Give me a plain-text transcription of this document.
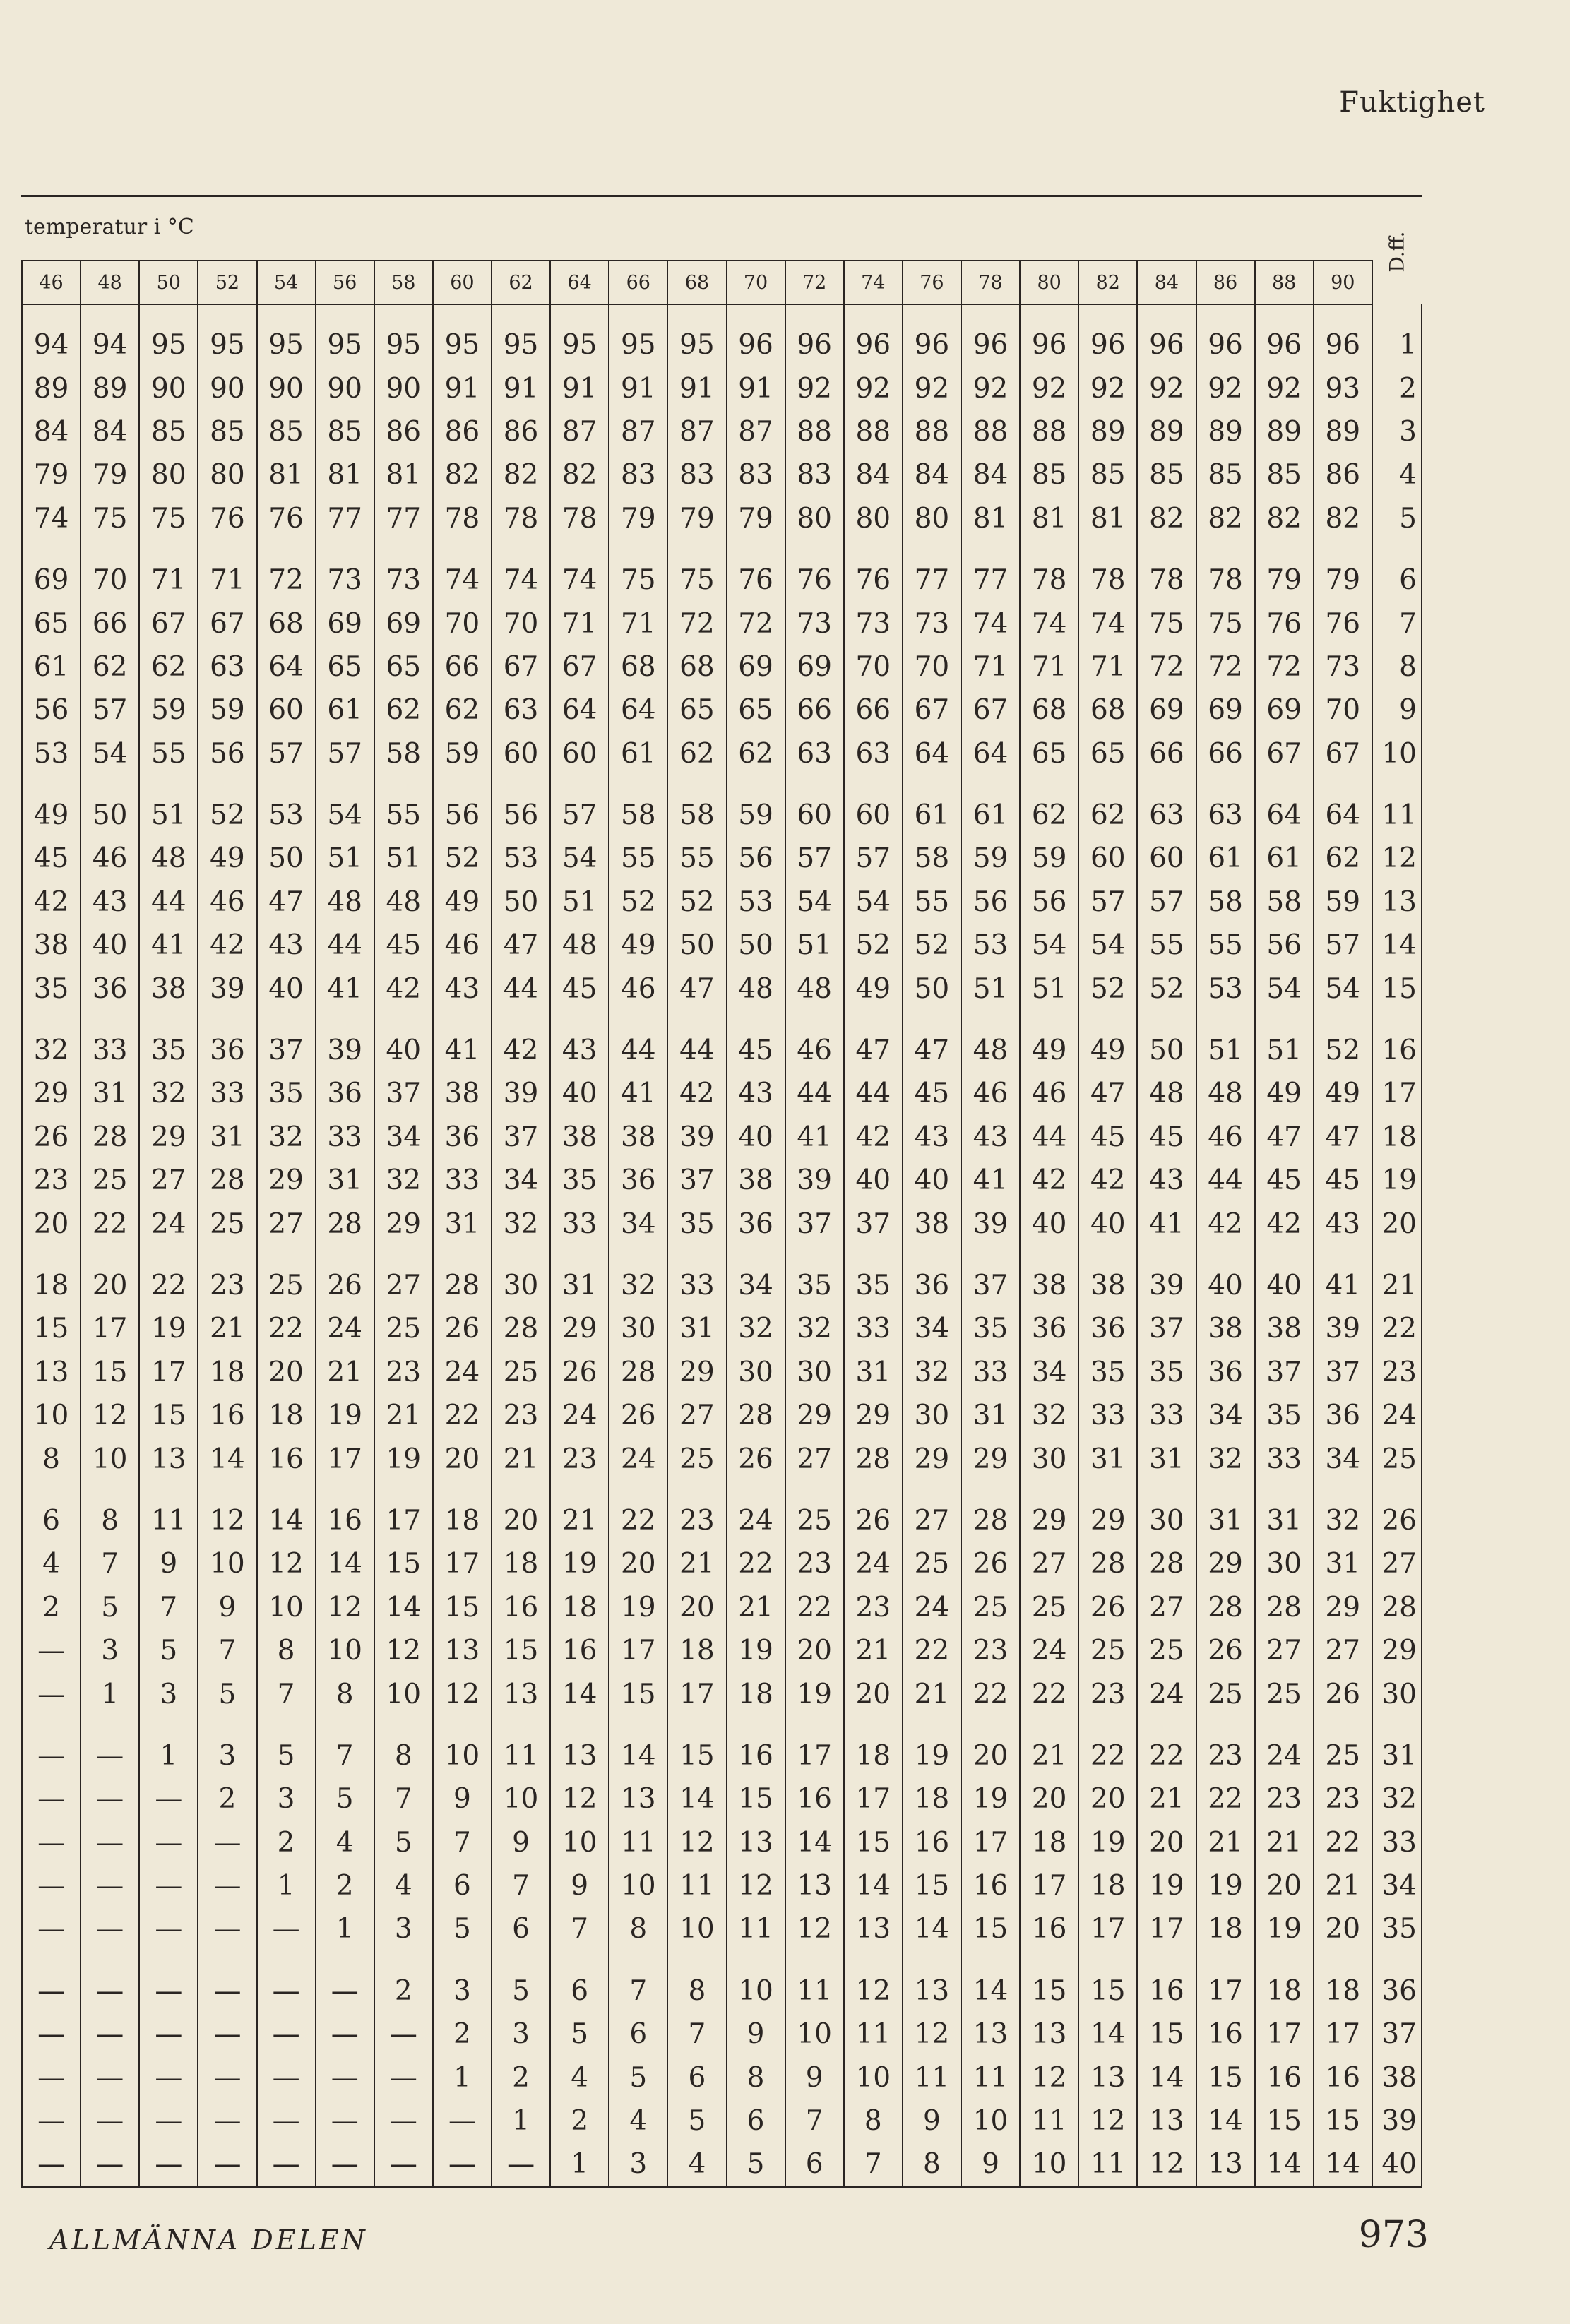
Fuktighet
temperatur i °C
D.ff.
46	48	50	52	54	56	58	60	62	64	66	68	70	72	74	76	78	80	82	84	86	88	90	
94	94	95	95	95	95	95	95	95	95	95	95	96	96	96	96	96	96	96	96	96	96	96	1
89	89	90	90	90	90	90	91	91	91	91	91	91	92	92	92	92	92	92	92	92	92	93	2
84	84	85	85	85	85	86	86	86	87	87	87	87	88	88	88	88	88	89	89	89	89	89	3
79	79	80	80	81	81	81	82	82	82	83	83	83	83	84	84	84	85	85	85	85	85	86	4
74	75	75	76	76	77	77	78	78	78	79	79	79	80	80	80	81	81	81	82	82	82	82	5
69	70	71	71	72	73	73	74	74	74	75	75	76	76	76	77	77	78	78	78	78	79	79	6
65	66	67	67	68	69	69	70	70	71	71	72	72	73	73	73	74	74	74	75	75	76	76	7
61	62	62	63	64	65	65	66	67	67	68	68	69	69	70	70	71	71	71	72	72	72	73	8
56	57	59	59	60	61	62	62	63	64	64	65	65	66	66	67	67	68	68	69	69	69	70	9
53	54	55	56	57	57	58	59	60	60	61	62	62	63	63	64	64	65	65	66	66	67	67	10
49	50	51	52	53	54	55	56	56	57	58	58	59	60	60	61	61	62	62	63	63	64	64	11
45	46	48	49	50	51	51	52	53	54	55	55	56	57	57	58	59	59	60	60	61	61	62	12
42	43	44	46	47	48	48	49	50	51	52	52	53	54	54	55	56	56	57	57	58	58	59	13
38	40	41	42	43	44	45	46	47	48	49	50	50	51	52	52	53	54	54	55	55	56	57	14
35	36	38	39	40	41	42	43	44	45	46	47	48	48	49	50	51	51	52	52	53	54	54	15
32	33	35	36	37	39	40	41	42	43	44	44	45	46	47	47	48	49	49	50	51	51	52	16
29	31	32	33	35	36	37	38	39	40	41	42	43	44	44	45	46	46	47	48	48	49	49	17
26	28	29	31	32	33	34	36	37	38	38	39	40	41	42	43	43	44	45	45	46	47	47	18
23	25	27	28	29	31	32	33	34	35	36	37	38	39	40	40	41	42	42	43	44	45	45	19
20	22	24	25	27	28	29	31	32	33	34	35	36	37	37	38	39	40	40	41	42	42	43	20
18	20	22	23	25	26	27	28	30	31	32	33	34	35	35	36	37	38	38	39	40	40	41	21
15	17	19	21	22	24	25	26	28	29	30	31	32	32	33	34	35	36	36	37	38	38	39	22
13	15	17	18	20	21	23	24	25	26	28	29	30	30	31	32	33	34	35	35	36	37	37	23
10	12	15	16	18	19	21	22	23	24	26	27	28	29	29	30	31	32	33	33	34	35	36	24
8	10	13	14	16	17	19	20	21	23	24	25	26	27	28	29	29	30	31	31	32	33	34	25
6	8	11	12	14	16	17	18	20	21	22	23	24	25	26	27	28	29	29	30	31	31	32	26
4	7	9	10	12	14	15	17	18	19	20	21	22	23	24	25	26	27	28	28	29	30	31	27
2	5	7	9	10	12	14	15	16	18	19	20	21	22	23	24	25	25	26	27	28	28	29	28
—	3	5	7	8	10	12	13	15	16	17	18	19	20	21	22	23	24	25	25	26	27	27	29
—	1	3	5	7	8	10	12	13	14	15	17	18	19	20	21	22	22	23	24	25	25	26	30
—	—	1	3	5	7	8	10	11	13	14	15	16	17	18	19	20	21	22	22	23	24	25	31
—	—	—	2	3	5	7	9	10	12	13	14	15	16	17	18	19	20	20	21	22	23	23	32
—	—	—	—	2	4	5	7	9	10	11	12	13	14	15	16	17	18	19	20	21	21	22	33
—	—	—	—	1	2	4	6	7	9	10	11	12	13	14	15	16	17	18	19	19	20	21	34
—	—	—	—	—	1	3	5	6	7	8	10	11	12	13	14	15	16	17	17	18	19	20	35
—	—	—	—	—	—	2	3	5	6	7	8	10	11	12	13	14	15	15	16	17	18	18	36
—	—	—	—	—	—	—	2	3	5	6	7	9	10	11	12	13	13	14	15	16	17	17	37
—	—	—	—	—	—	—	1	2	4	5	6	8	9	10	11	11	12	13	14	15	16	16	38
—	—	—	—	—	—	—	—	1	2	4	5	6	7	8	9	10	11	12	13	14	15	15	39
—	—	—	—	—	—	—	—	—	1	3	4	5	6	7	8	9	10	11	12	13	14	14	40
ALLMÄNNA DELEN	973
